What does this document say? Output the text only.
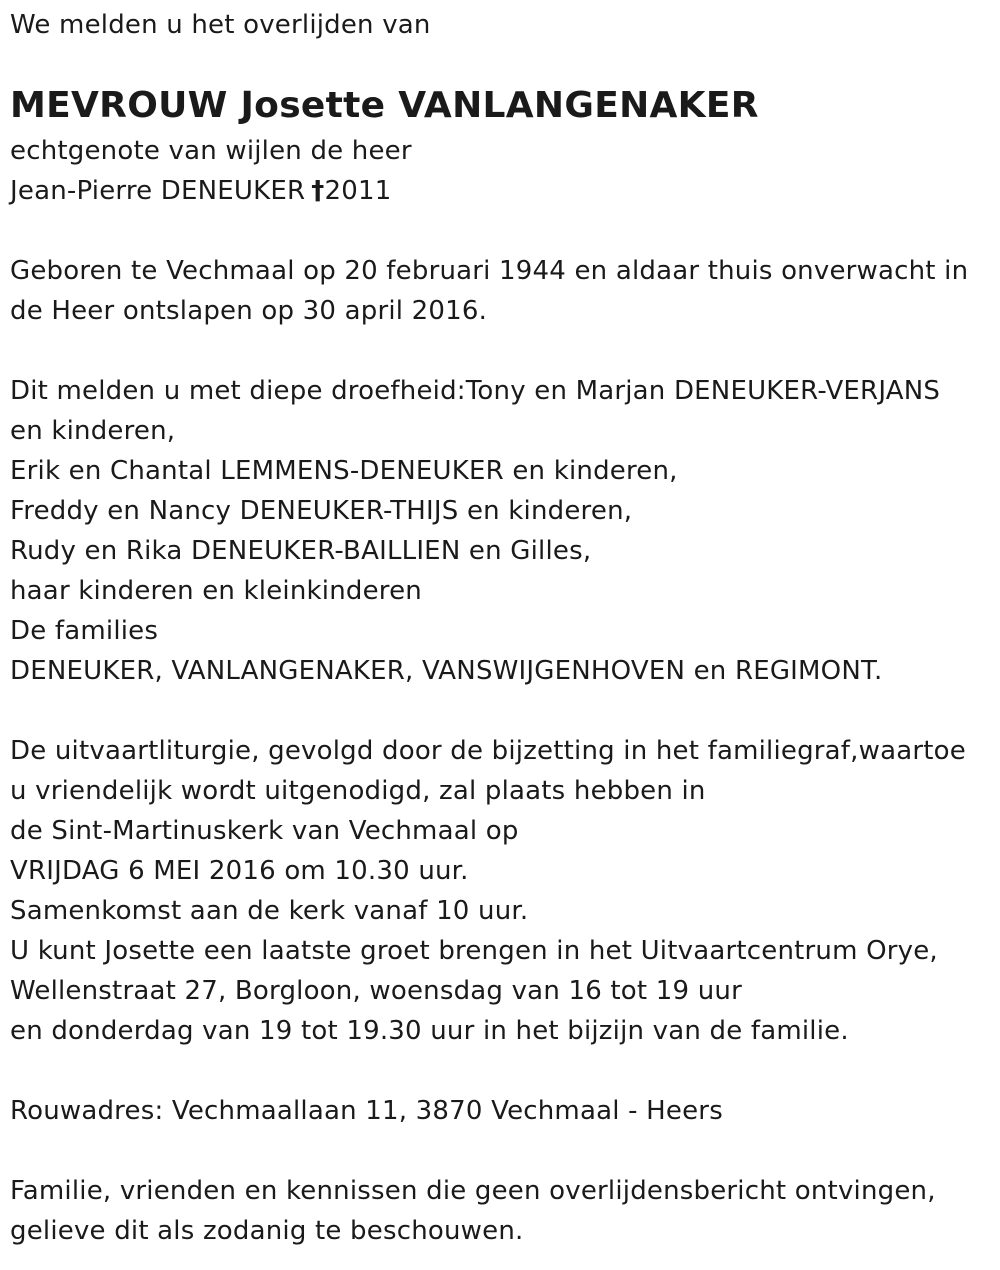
We melden u het overlijden van
MEVROUW Josette VANLANGENAKER
echtgenote van wijlen de heer
Jean-Pierre DENEUKER †2011
Geboren te Vechmaal op 20 februari 1944 en aldaar thuis onverwacht in
de Heer ontslapen op 30 april 2016.
Dit melden u met diepe droefheid:Tony en Marjan DENEUKER-VERJANS
en kinderen,
Erik en Chantal LEMMENS-DENEUKER en kinderen,
Freddy en Nancy DENEUKER-THIJS en kinderen,
Rudy en Rika DENEUKER-BAILLIEN en Gilles,
haar kinderen en kleinkinderen
De families
DENEUKER, VANLANGENAKER, VANSWIJGENHOVEN en REGIMONT.
De uitvaartliturgie, gevolgd door de bijzetting in het familiegraf,waartoe
u vriendelijk wordt uitgenodigd, zal plaats hebben in
de Sint-Martinuskerk van Vechmaal op
VRIJDAG 6 MEI 2016 om 10.30 uur.
Samenkomst aan de kerk vanaf 10 uur.
U kunt Josette een laatste groet brengen in het Uitvaartcentrum Orye,
Wellenstraat 27, Borgloon, woensdag van 16 tot 19 uur
en donderdag van 19 tot 19.30 uur in het bijzijn van de familie.
Rouwadres: Vechmaallaan 11, 3870 Vechmaal - Heers
Familie, vrienden en kennissen die geen overlijdensbericht ontvingen,
gelieve dit als zodanig te beschouwen.
